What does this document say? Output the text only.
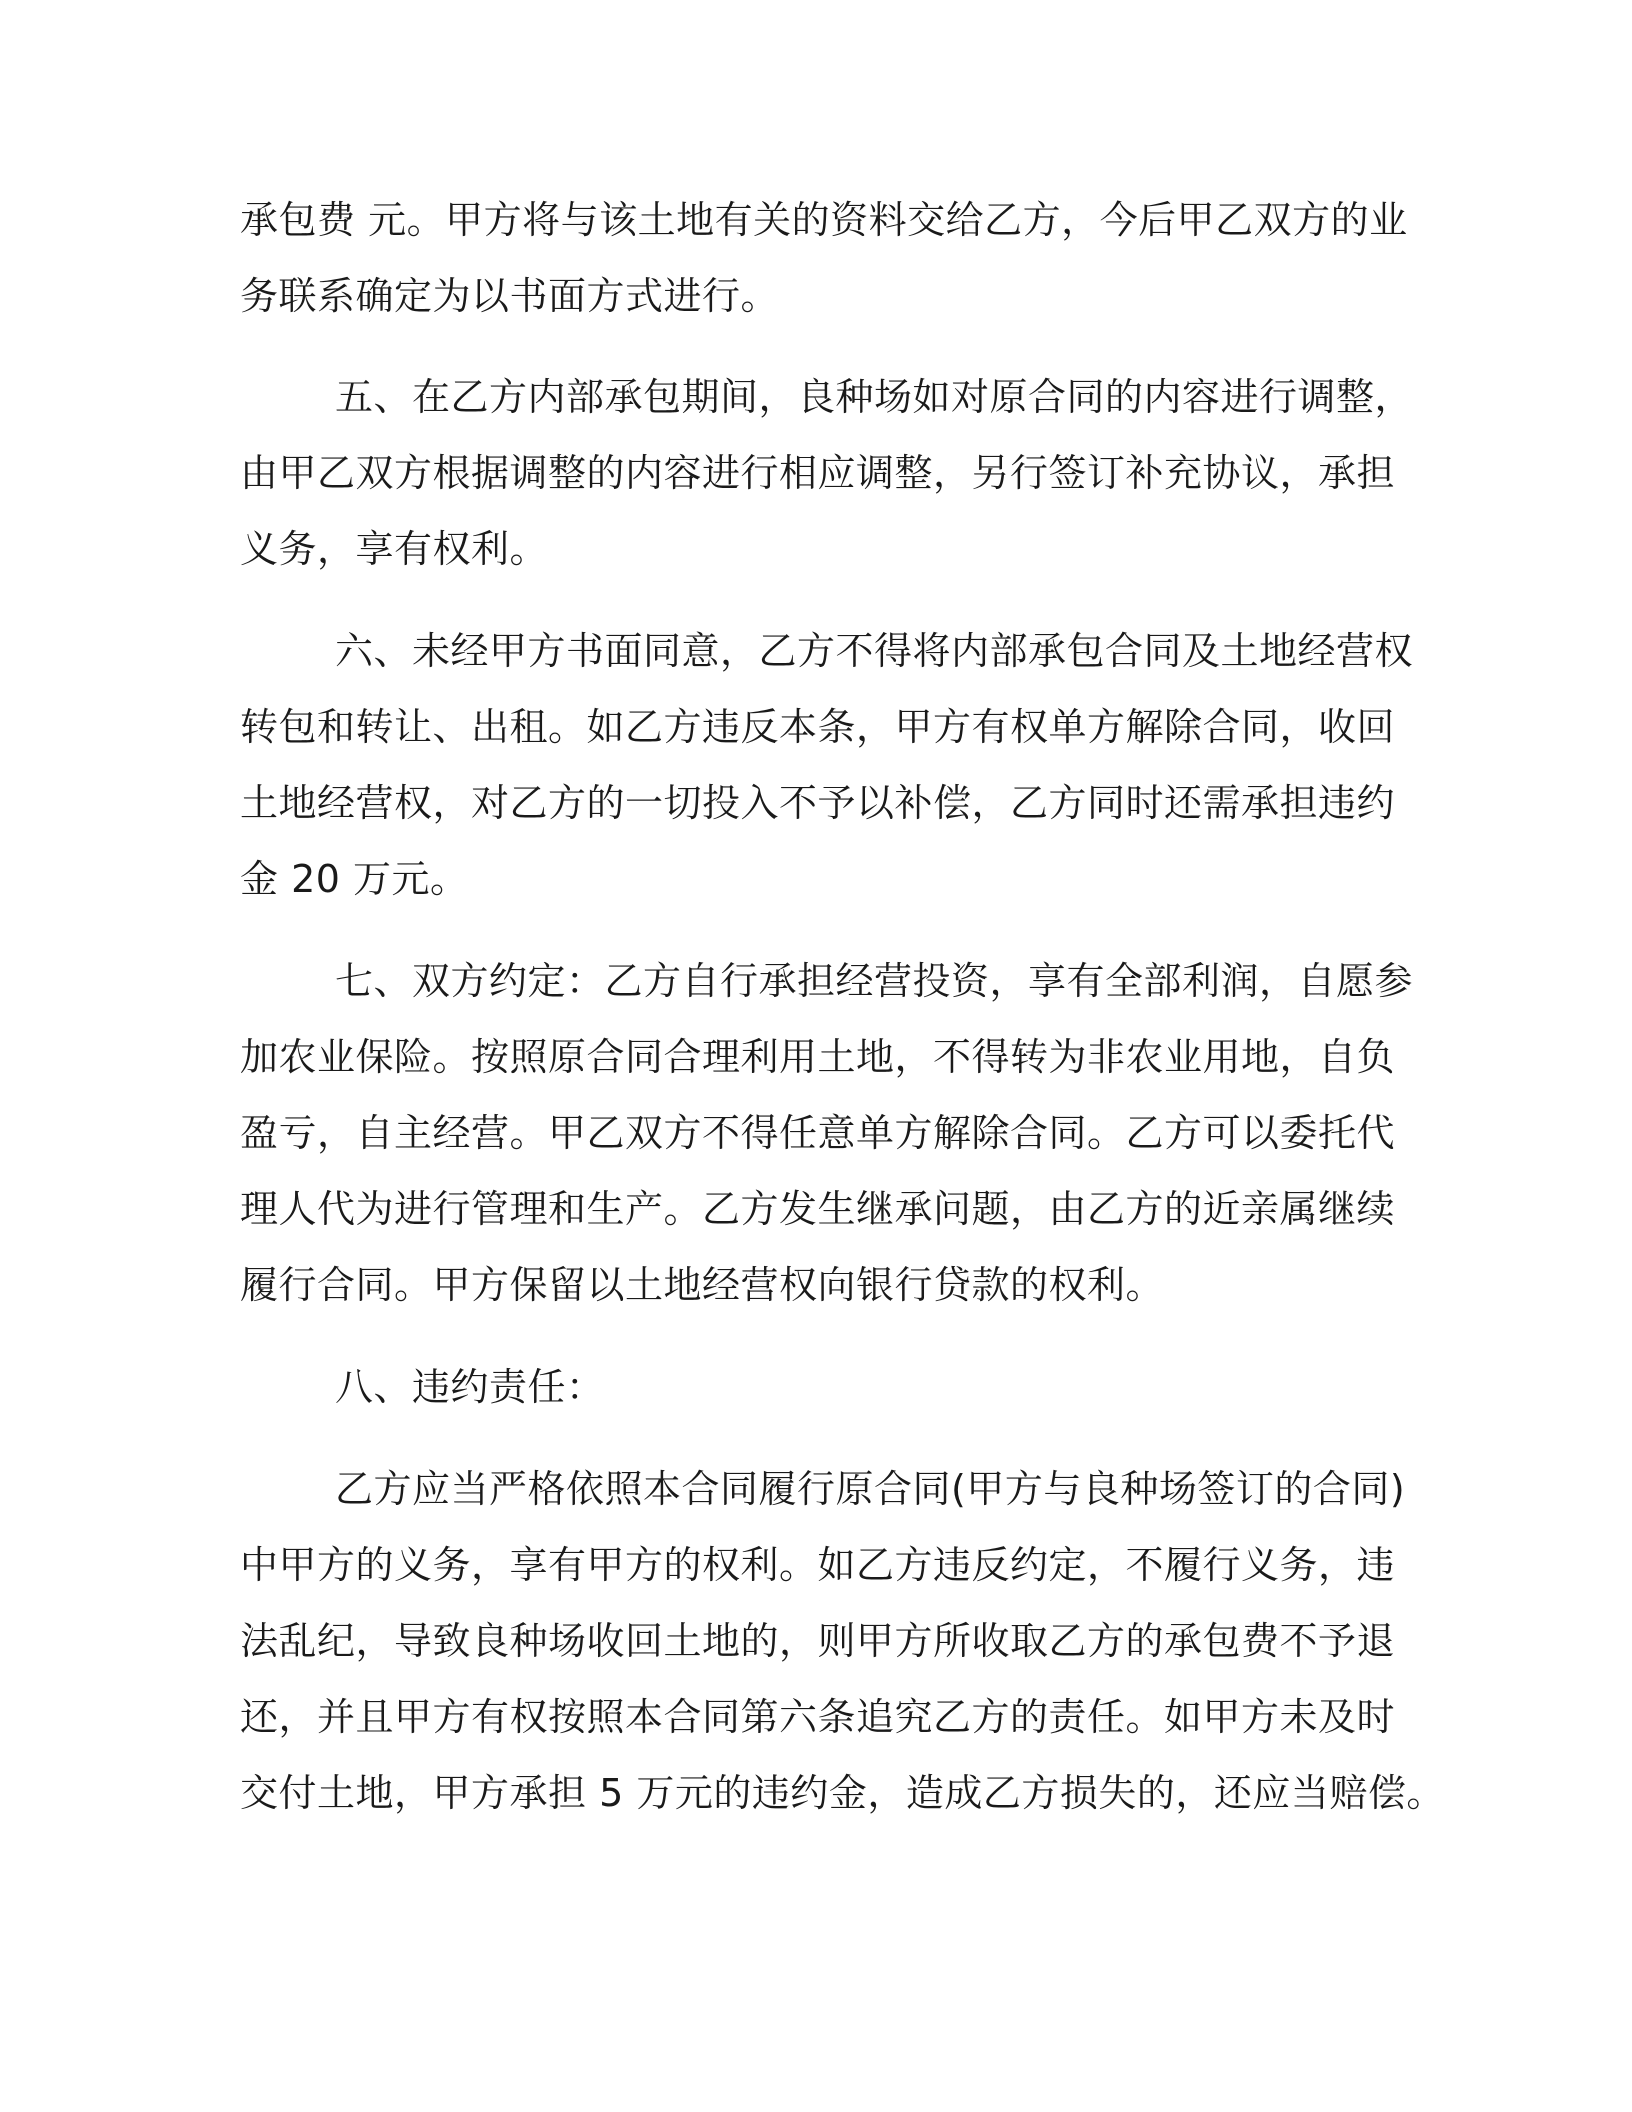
承包费 元。甲方将与该土地有关的资料交给乙方，今后甲乙双方的业

务联系确定为以书面方式进行。

五、在乙方内部承包期间，良种场如对原合同的内容进行调整，

由甲乙双方根据调整的内容进行相应调整，另行签订补充协议，承担

义务，享有权利。

六、未经甲方书面同意，乙方不得将内部承包合同及土地经营权

转包和转让、出租。如乙方违反本条，甲方有权单方解除合同，收回

土地经营权，对乙方的一切投入不予以补偿，乙方同时还需承担违约

金 20 万元。

七、双方约定：乙方自行承担经营投资，享有全部利润，自愿参

加农业保险。按照原合同合理利用土地，不得转为非农业用地，自负

盈亏，自主经营。甲乙双方不得任意单方解除合同。乙方可以委托代

理人代为进行管理和生产。乙方发生继承问题，由乙方的近亲属继续

履行合同。甲方保留以土地经营权向银行贷款的权利。

八、违约责任：

乙方应当严格依照本合同履行原合同(甲方与良种场签订的合同)

中甲方的义务，享有甲方的权利。如乙方违反约定，不履行义务，违

法乱纪，导致良种场收回土地的，则甲方所收取乙方的承包费不予退

还，并且甲方有权按照本合同第六条追究乙方的责任。如甲方未及时

交付土地，甲方承担 5 万元的违约金，造成乙方损失的，还应当赔偿。
